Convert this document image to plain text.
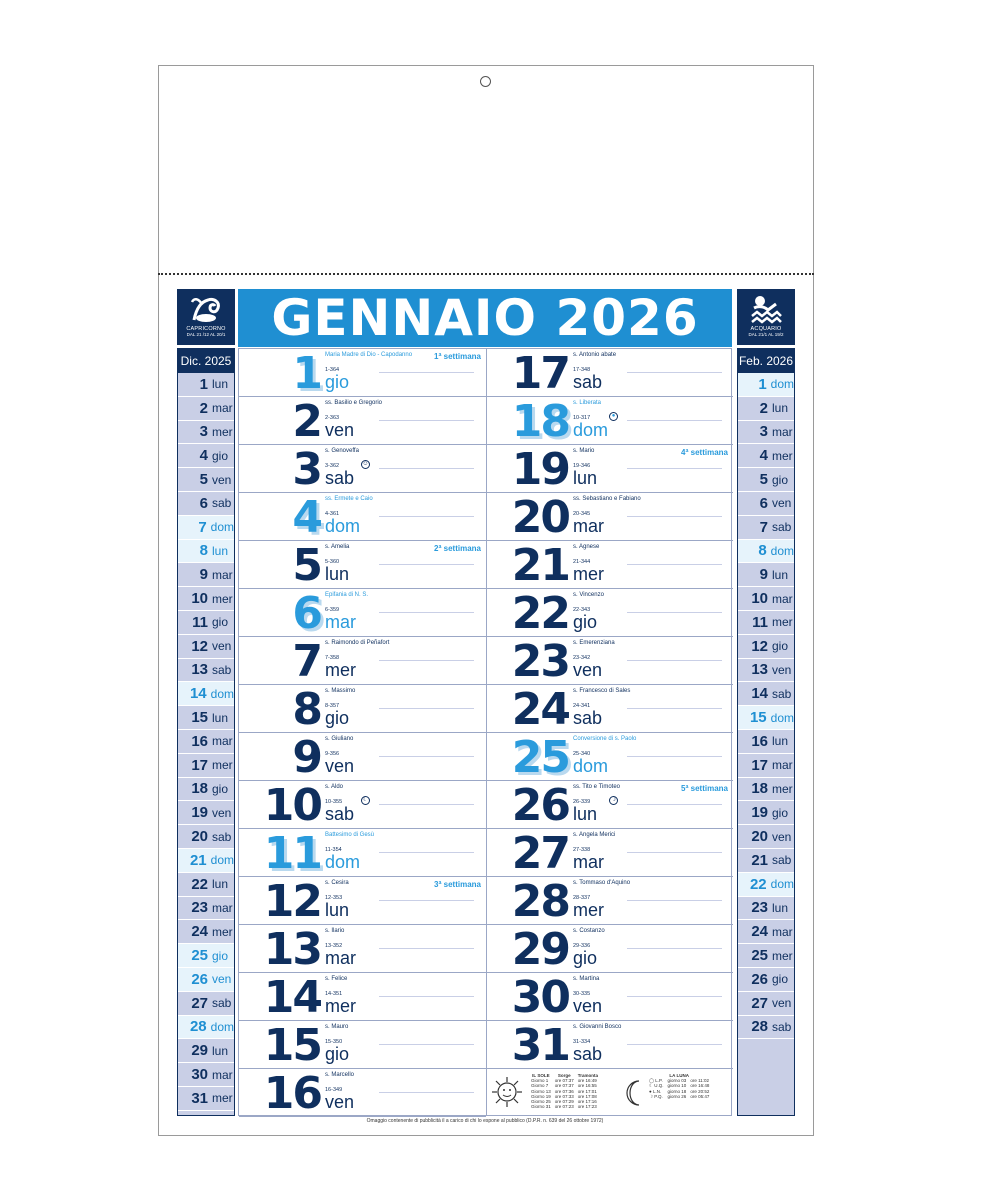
CAPRICORNO
DAL 21 /12 AL 20/1 GENNAIO 2026	ACQUARIO
DAL 21/1 AL 19/2
Dic. 2025
1 lun
2 mar
3 mer
4 gio
5 ven
6 sab
7 dom
8 lun
9 mar
10 mer
11 gio
12 ven
13 sab
14 dom
15 lun
16 mar
17 mer
18 gio
19 ven
20 sab
21 dom
22 lun
23 mar
24 mer
25 gio
26 ven
27 sab
28 dom
29 lun
30 mar
31 mer
Feb. 2026
1 dom
2 lun
3 mar
4 mer
5 gio
6 ven
7 sab
8 dom
9 lun
10 mar
11 mer
12 gio
13 ven
14 sab
15 dom
16 lun
17 mar
18 mer
19 gio
20 ven
21 sab
22 dom
23 lun
24 mar
25 mer
26 gio
27 ven
28 sab
1 Maria Madre di Dio - Capodanno	1ª settimana
1-364
gio
2 ss. Basilio e Gregorio
2-363
ven
3 s. Genoveffa
3-362	☺
sab
4 ss. Ermete e Caio
4-361
dom
5 s. Amelia	2ª settimana
5-360
lun
6 Epifania di N. S.
6-359
mar
7 s. Raimondo di Peñafort
7-358
mer
8 s. Massimo
8-357
gio
9 s. Giuliano
9-356
ven
10 s. Aldo
10-355	☾
sab
11 Battesimo di Gesù
11-354
dom
12 s. Cesira	3ª settimana
12-353
lun
13 s. Ilario
13-352
mar
14 s. Felice
14-351
mer
15 s. Mauro
15-350
gio
16 s. Marcello
16-349
ven
17 s. Antonio abate
17-348
sab
18 s. Liberata
10-317	●
dom
19 s. Mario	4ª settimana
19-346
lun
20 ss. Sebastiano e Fabiano
20-345
mar
21 s. Agnese
21-344
mer
22 s. Vincenzo
22-343
gio
23 s. Emerenziana
23-342
ven
24 s. Francesco di Sales
24-341
sab
25 Conversione di s. Paolo
25-340
dom
26 ss. Tito e Timoteo	5ª settimana
26-339	☽
lun
27 s. Angela Merici
27-338
mar
28 s. Tommaso d'Aquino
28-337
mer
29 s. Costanzo
29-336
gio
30 s. Martina
30-335
ven
31 s. Giovanni Bosco
31-334
sab
IL SOLE	Sorge	Tramonta
Giorno 1	ore 07:37	ore 16:49
Giorno 7	ore 07:37	ore 16:55
Giorno 13	ore 07:36	ore 17:01
Giorno 19	ore 07:33	ore 17:08
Giorno 25	ore 07:29	ore 17:16
Giorno 31	ore 07:23	ore 17:23
LA LUNA		
◯ L.P.	giorno 03	ore 11:02
☾ U.Q.	giorno 10	ore 16:48
● L.N.	giorno 18	ore 20:52
☽ P.Q.	giorno 26	ore 05:47
Omaggio contenente di pubblicità il a carico di chi lo espone al pubblico (D.P.R. n. 639 del 26 ottobre 1972)
